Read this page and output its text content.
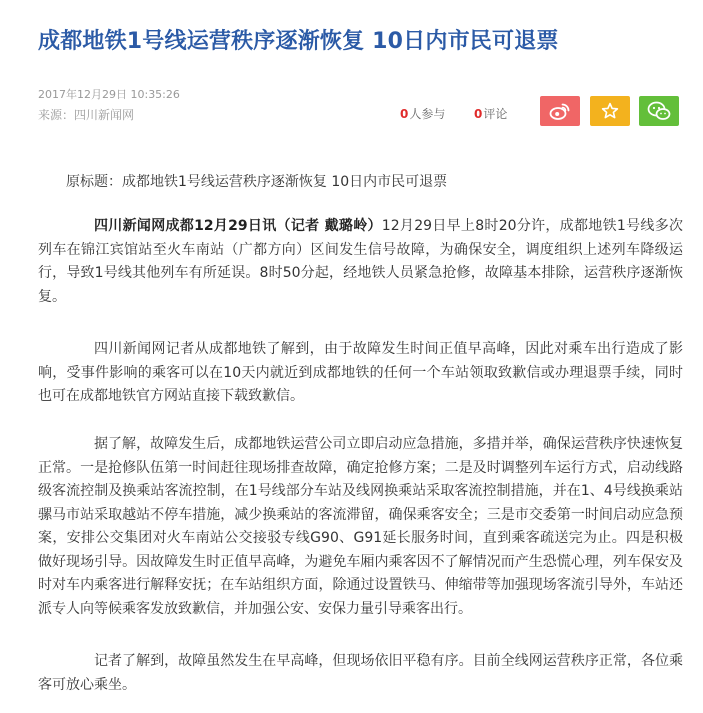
成都地铁1号线运营秩序逐渐恢复 10日内市民可退票
2017年12月29日 10:35:26
来源：四川新闻网	0人参与 0评论
原标题：成都地铁1号线运营秩序逐渐恢复 10日内市民可退票

四川新闻网成都12月29日讯（记者 戴璐岭）12月29日早上8时20分许，成都地铁1号线多次列车在锦江宾馆站至火车南站（广都方向）区间发生信号故障，为确保安全，调度组织上述列车降级运行，导致1号线其他列车有所延误。8时50分起，经地铁人员紧急抢修，故障基本排除，运营秩序逐渐恢复。

四川新闻网记者从成都地铁了解到，由于故障发生时间正值早高峰，因此对乘车出行造成了影响，受事件影响的乘客可以在10天内就近到成都地铁的任何一个车站领取致歉信或办理退票手续，同时也可在成都地铁官方网站直接下载致歉信。

据了解，故障发生后，成都地铁运营公司立即启动应急措施，多措并举，确保运营秩序快速恢复正常。一是抢修队伍第一时间赶往现场排查故障，确定抢修方案；二是及时调整列车运行方式，启动线路级客流控制及换乘站客流控制，在1号线部分车站及线网换乘站采取客流控制措施，并在1、4号线换乘站骡马市站采取越站不停车措施，减少换乘站的客流滞留，确保乘客安全；三是市交委第一时间启动应急预案，安排公交集团对火车南站公交接驳专线G90、G91延长服务时间，直到乘客疏送完为止。四是积极做好现场引导。因故障发生时正值早高峰，为避免车厢内乘客因不了解情况而产生恐慌心理，列车保安及时对车内乘客进行解释安抚；在车站组织方面，除通过设置铁马、伸缩带等加强现场客流引导外，车站还派专人向等候乘客发放致歉信，并加强公安、安保力量引导乘客出行。

记者了解到，故障虽然发生在早高峰，但现场依旧平稳有序。目前全线网运营秩序正常，各位乘客可放心乘坐。
